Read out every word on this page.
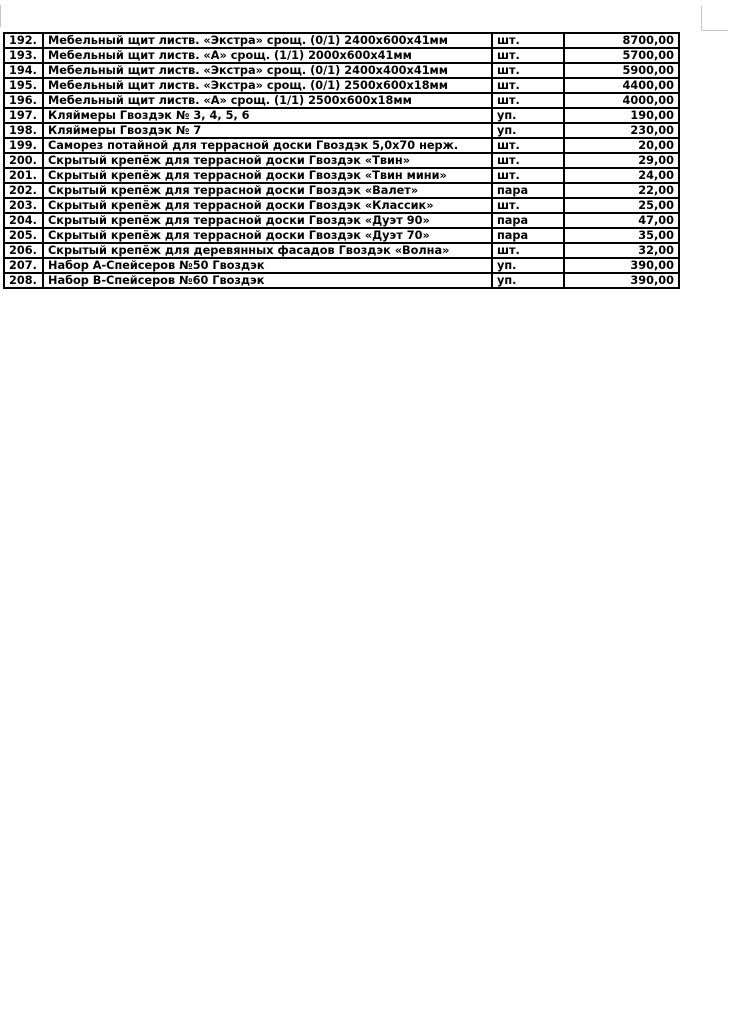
192.	Мебельный щит листв. «Экстра» срощ. (0/1) 2400х600х41мм	шт.	8700,00
193.	Мебельный щит листв. «А» срощ. (1/1) 2000х600х41мм	шт.	5700,00
194.	Мебельный щит листв. «Экстра» срощ. (0/1) 2400х400х41мм	шт.	5900,00
195.	Мебельный щит листв. «Экстра» срощ. (0/1) 2500х600х18мм	шт.	4400,00
196.	Мебельный щит листв. «А» срощ. (1/1) 2500х600х18мм	шт.	4000,00
197.	Кляймеры Гвоздэк № 3, 4, 5, 6	уп.	190,00
198.	Кляймеры Гвоздэк № 7	уп.	230,00
199.	Саморез потайной для террасной доски Гвоздэк 5,0х70 нерж.	шт.	20,00
200.	Скрытый крепёж для террасной доски Гвоздэк «Твин»	шт.	29,00
201.	Скрытый крепёж для террасной доски Гвоздэк «Твин мини»	шт.	24,00
202.	Скрытый крепёж для террасной доски Гвоздэк «Валет»	пара	22,00
203.	Скрытый крепёж для террасной доски Гвоздэк «Классик»	шт.	25,00
204.	Скрытый крепёж для террасной доски Гвоздэк «Дуэт 90»	пара	47,00
205.	Скрытый крепёж для террасной доски Гвоздэк «Дуэт 70»	пара	35,00
206.	Скрытый крепёж для деревянных фасадов Гвоздэк «Волна»	шт.	32,00
207.	Набор А-Спейсеров №50 Гвоздэк	уп.	390,00
208.	Набор В-Спейсеров №60 Гвоздэк	уп.	390,00
